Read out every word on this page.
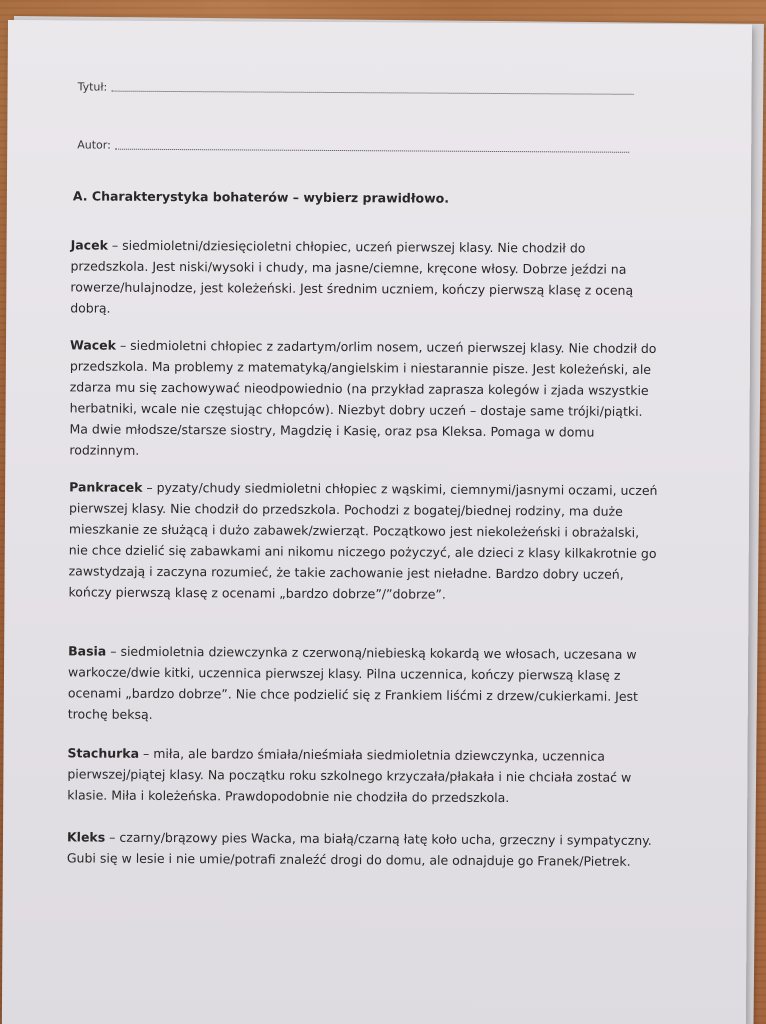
Tytuł:
Autor:

A. Charakterystyka bohaterów – wybierz prawidłowo.

Jacek – siedmioletni/dziesięcioletni chłopiec, uczeń pierwszej klasy. Nie chodził do przedszkola. Jest niski/wysoki i chudy, ma jasne/ciemne, kręcone włosy. Dobrze jeździ na rowerze/hulajnodze, jest koleżeński. Jest średnim uczniem, kończy pierwszą klasę z oceną dobrą.

Wacek – siedmioletni chłopiec z zadartym/orlim nosem, uczeń pierwszej klasy. Nie chodził do przedszkola. Ma problemy z matematyką/angielskim i niestarannie pisze. Jest koleżeński, ale zdarza mu się zachowywać nieodpowiednio (na przykład zaprasza kolegów i zjada wszystkie herbatniki, wcale nie częstując chłopców). Niezbyt dobry uczeń – dostaje same trójki/piątki. Ma dwie młodsze/starsze siostry, Magdzię i Kasię, oraz psa Kleksa. Pomaga w domu rodzinnym.

Pankracek – pyzaty/chudy siedmioletni chłopiec z wąskimi, ciemnymi/jasnymi oczami, uczeń pierwszej klasy. Nie chodził do przedszkola. Pochodzi z bogatej/biednej rodziny, ma duże mieszkanie ze służącą i dużo zabawek/zwierząt. Początkowo jest niekoleżeński i obrażalski, nie chce dzielić się zabawkami ani nikomu niczego pożyczyć, ale dzieci z klasy kilkakrotnie go zawstydzają i zaczyna rozumieć, że takie zachowanie jest nieładne. Bardzo dobry uczeń, kończy pierwszą klasę z ocenami „bardzo dobrze”/”dobrze”.

Basia – siedmioletnia dziewczynka z czerwoną/niebieską kokardą we włosach, uczesana w warkocze/dwie kitki, uczennica pierwszej klasy. Pilna uczennica, kończy pierwszą klasę z ocenami „bardzo dobrze”. Nie chce podzielić się z Frankiem liśćmi z drzew/cukierkami. Jest trochę beksą.

Stachurka – miła, ale bardzo śmiała/nieśmiała siedmioletnia dziewczynka, uczennica pierwszej/piątej klasy. Na początku roku szkolnego krzyczała/płakała i nie chciała zostać w klasie. Miła i koleżeńska. Prawdopodobnie nie chodziła do przedszkola.

Kleks – czarny/brązowy pies Wacka, ma białą/czarną łatę koło ucha, grzeczny i sympatyczny. Gubi się w lesie i nie umie/potrafi znaleźć drogi do domu, ale odnajduje go Franek/Pietrek.
